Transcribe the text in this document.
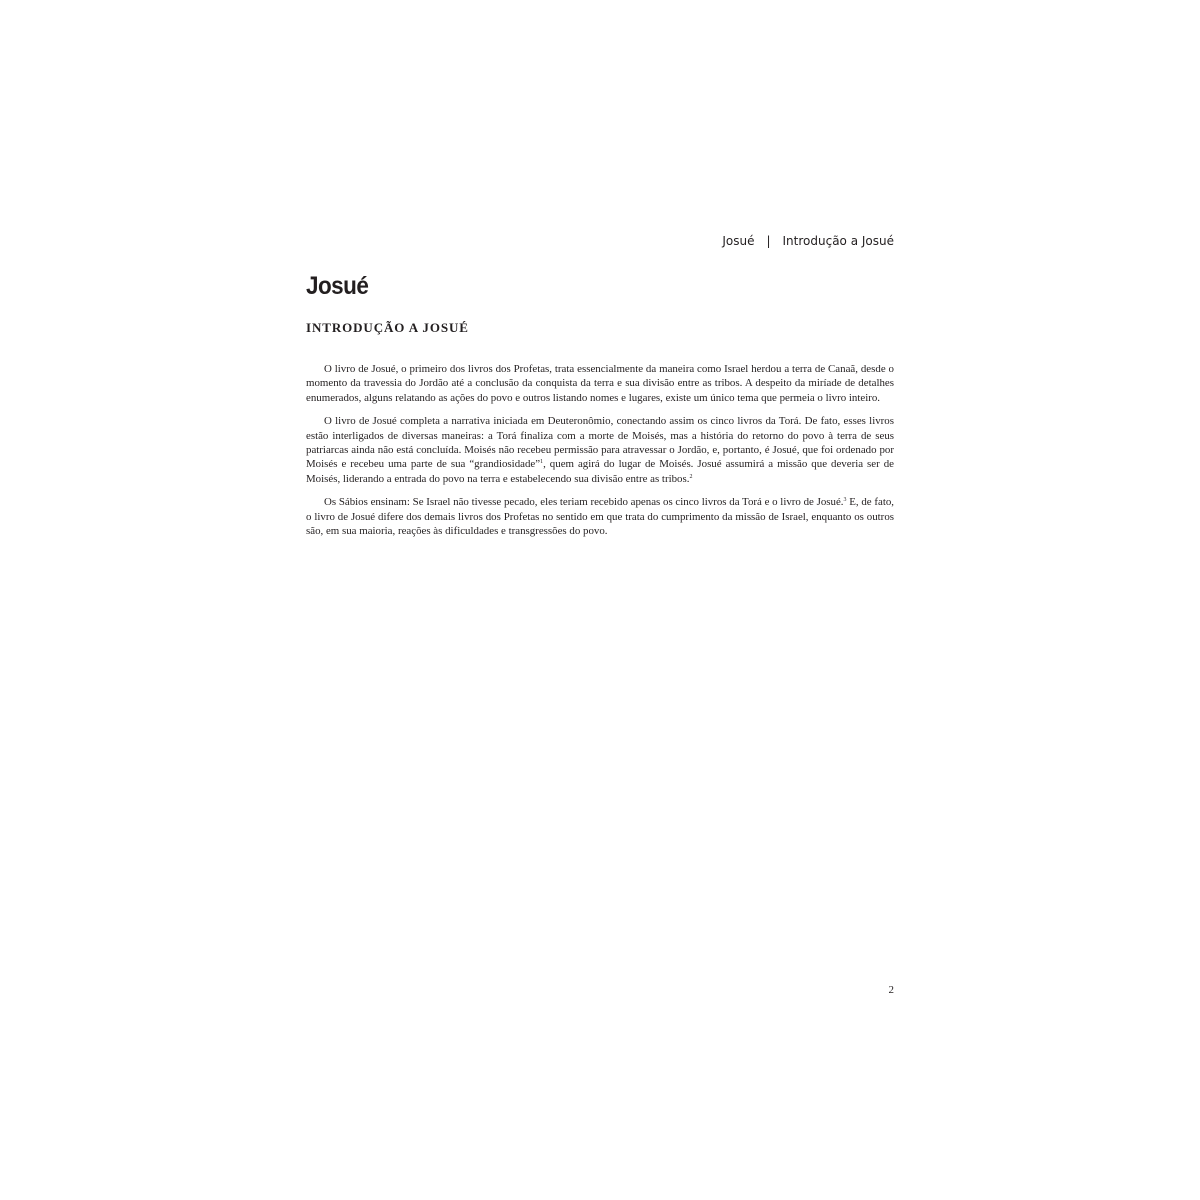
Josué | Introdução a Josué
Josué
INTRODUÇÃO A JOSUÉ

O livro de Josué, o primeiro dos livros dos Profetas, trata essencialmente da maneira como Israel herdou a terra de Canaã, desde o momento da travessia do Jordão até a conclusão da conquista da terra e sua divisão entre as tribos. A despeito da miríade de detalhes enumerados, alguns relatando as ações do povo e outros listando nomes e lugares, existe um único tema que permeia o livro inteiro.

O livro de Josué completa a narrativa iniciada em Deuteronômio, conectando assim os cinco livros da Torá. De fato, esses livros estão interligados de diversas maneiras: a Torá finaliza com a morte de Moisés, mas a história do retorno do povo à terra de seus patriarcas ainda não está concluída. Moisés não recebeu permissão para atravessar o Jordão, e, portanto, é Josué, que foi ordenado por Moisés e recebeu uma parte de sua “grandiosidade”$^1$, quem agirá do lugar de Moisés. Josué assumirá a missão que deveria ser de Moisés, liderando a entrada do povo na terra e estabelecendo sua divisão entre as tribos.$^2$

Os Sábios ensinam: Se Israel não tivesse pecado, eles teriam recebido apenas os cinco livros da Torá e o livro de Josué.$^3$ E, de fato, o livro de Josué difere dos demais livros dos Profetas no sentido em que trata do cumprimento da missão de Israel, enquanto os outros são, em sua maioria, reações às dificuldades e transgressões do povo.

2
